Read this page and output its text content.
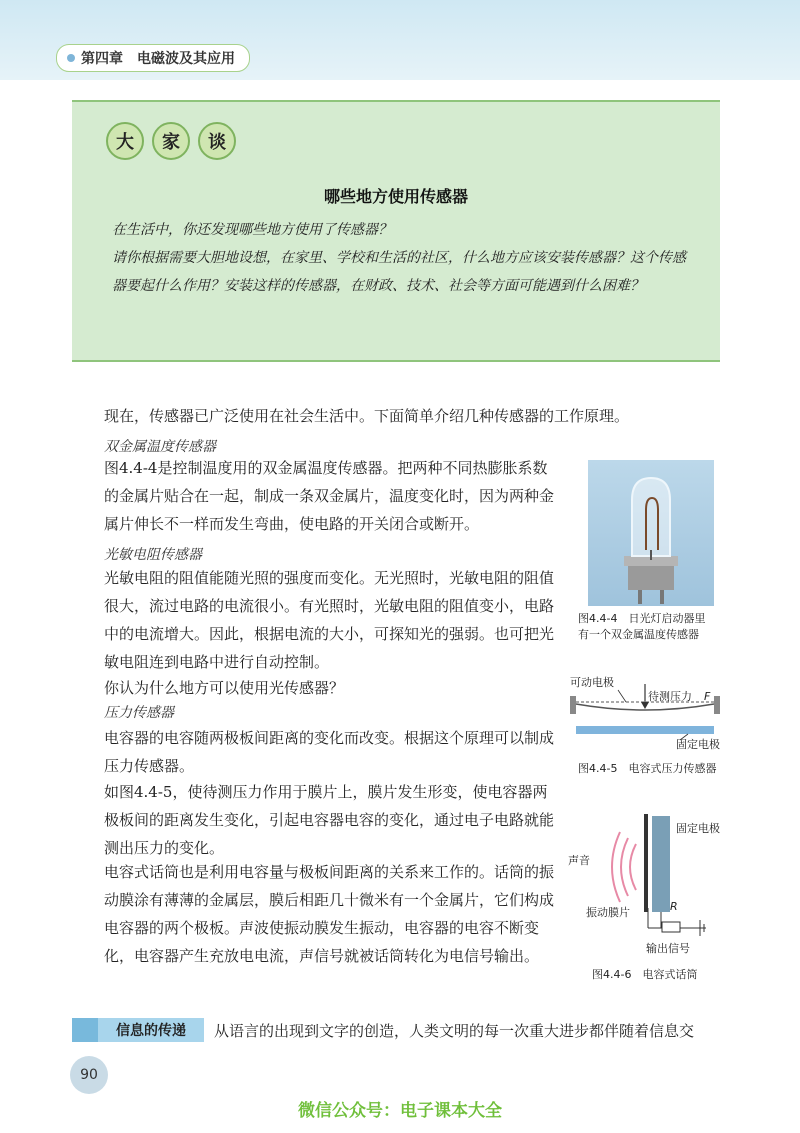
第四章 电磁波及其应用
大	家	谈
哪些地方使用传感器
在生活中，你还发现哪些地方使用了传感器？
请你根据需要大胆地设想，在家里、学校和生活的社区，什么地方应该安装传感器？这个传感器要起什么作用？安装这样的传感器，在财政、技术、社会等方面可能遇到什么困难？
现在，传感器已广泛使用在社会生活中。下面简单介绍几种传感器的工作原理。
双金属温度传感器
图4.4-4是控制温度用的双金属温度传感器。把两种不同热膨胀系数的金属片贴合在一起，制成一条双金属片，温度变化时，因为两种金属片伸长不一样而发生弯曲，使电路的开关闭合或断开。
光敏电阻传感器
光敏电阻的阻值能随光照的强度而变化。无光照时，光敏电阻的阻值很大，流过电路的电流很小。有光照时，光敏电阻的阻值变小，电路中的电流增大。因此，根据电流的大小，可探知光的强弱。也可把光敏电阻连到电路中进行自动控制。
你认为什么地方可以使用光传感器？
压力传感器
电容器的电容随两极板间距离的变化而改变。根据这个原理可以制成压力传感器。
如图4.4-5，使待测压力作用于膜片上，膜片发生形变，使电容器两极板间的距离发生变化，引起电容器电容的变化，通过电子电路就能测出压力的变化。
电容式话筒也是利用电容量与极板间距离的关系来工作的。话筒的振动膜涂有薄薄的金属层，膜后相距几十微米有一个金属片，它们构成电容器的两个极板。声波使振动膜发生振动，电容器的电容不断变化，电容器产生充放电电流，声信号就被话筒转化为电信号输出。
图4.4-4　日光灯启动器里
有一个双金属温度传感器
可动电极
待测压力 F
固定电极
图4.4-5　电容式压力传感器
固定电极
声音
振动膜片	R
输出信号
图4.4-6　电容式话筒
信息的传递	从语言的出现到文字的创造，人类文明的每一次重大进步都伴随着信息交
90
微信公众号：电子课本大全
